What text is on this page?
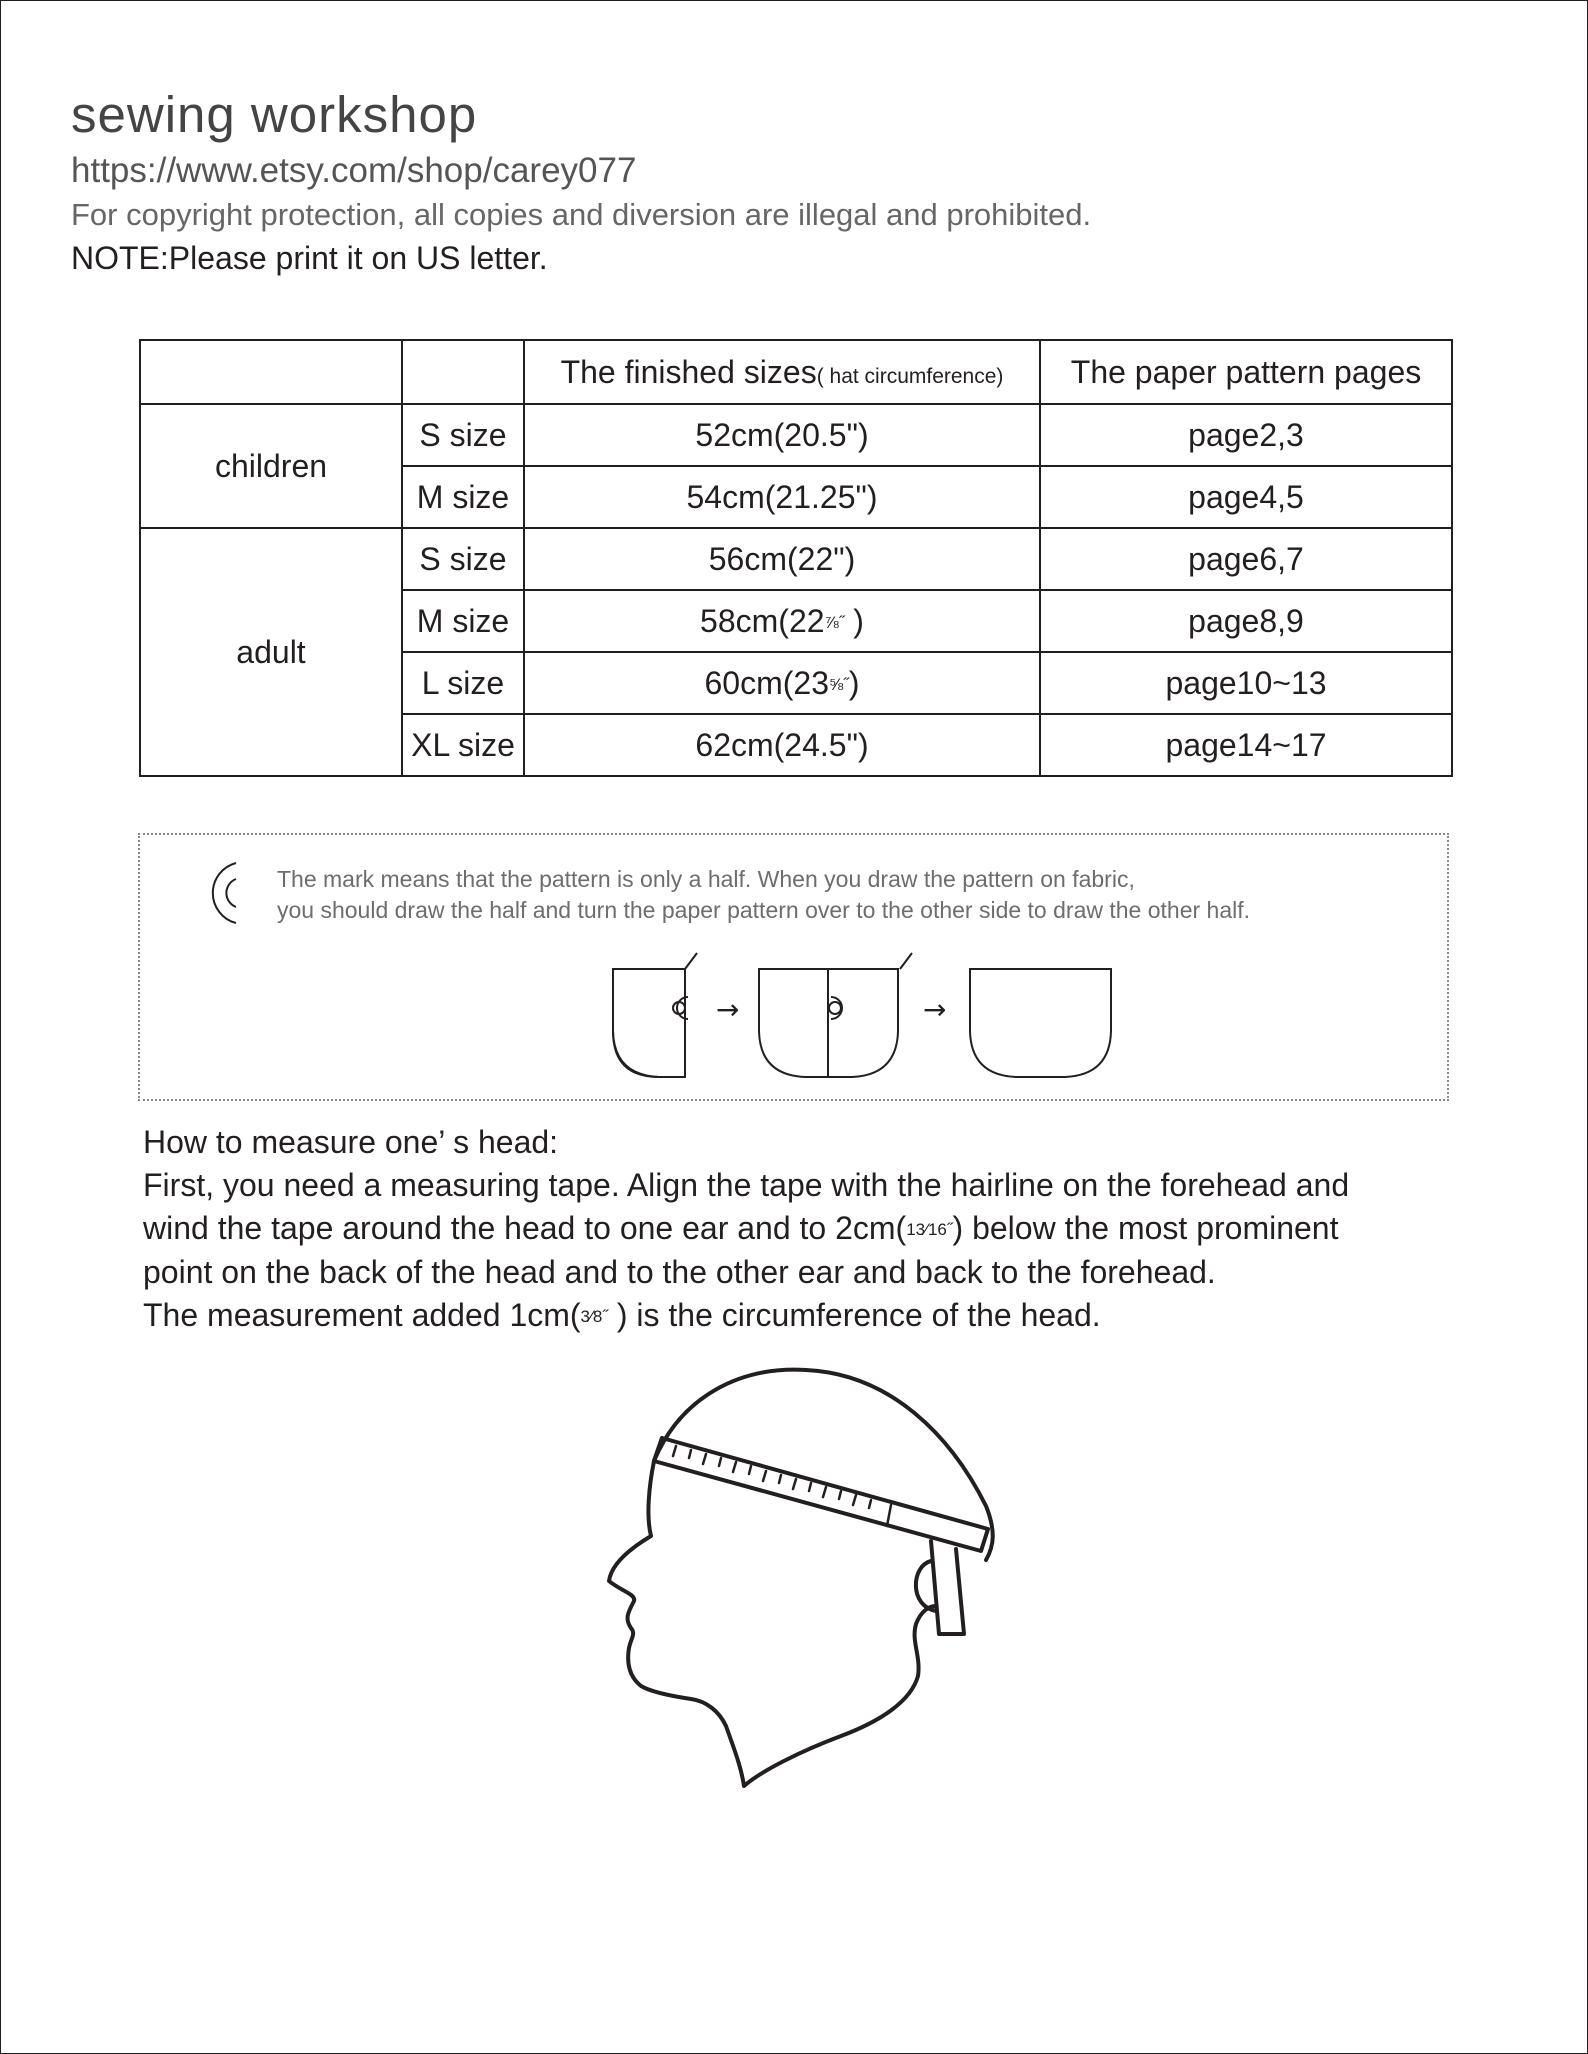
sewing workshop
https://www.etsy.com/shop/carey077
For copyright protection, all copies and diversion are illegal and prohibited.
NOTE:Please print it on US letter.
		The finished sizes( hat circumference)	The paper pattern pages
children	S size	52cm(20.5")	page2,3
	M size	54cm(21.25")	page4,5
adult	S size	56cm(22")	page6,7
	M size	58cm(22⅞˝ )	page8,9
	L size	60cm(23⅝˝)	page10~13
	XL size	62cm(24.5")	page14~17
The mark means that the pattern is only a half. When you draw the pattern on fabric,
you should draw the half and turn the paper pattern over to the other side to draw the other half.
→	→
How to measure one’ s head:
First, you need a measuring tape. Align the tape with the hairline on the forehead and
wind the tape around the head to one ear and to 2cm(13⁄16˝) below the most prominent
point on the back of the head and to the other ear and back to the forehead.
The measurement added 1cm(3⁄8˝ ) is the circumference of the head.
